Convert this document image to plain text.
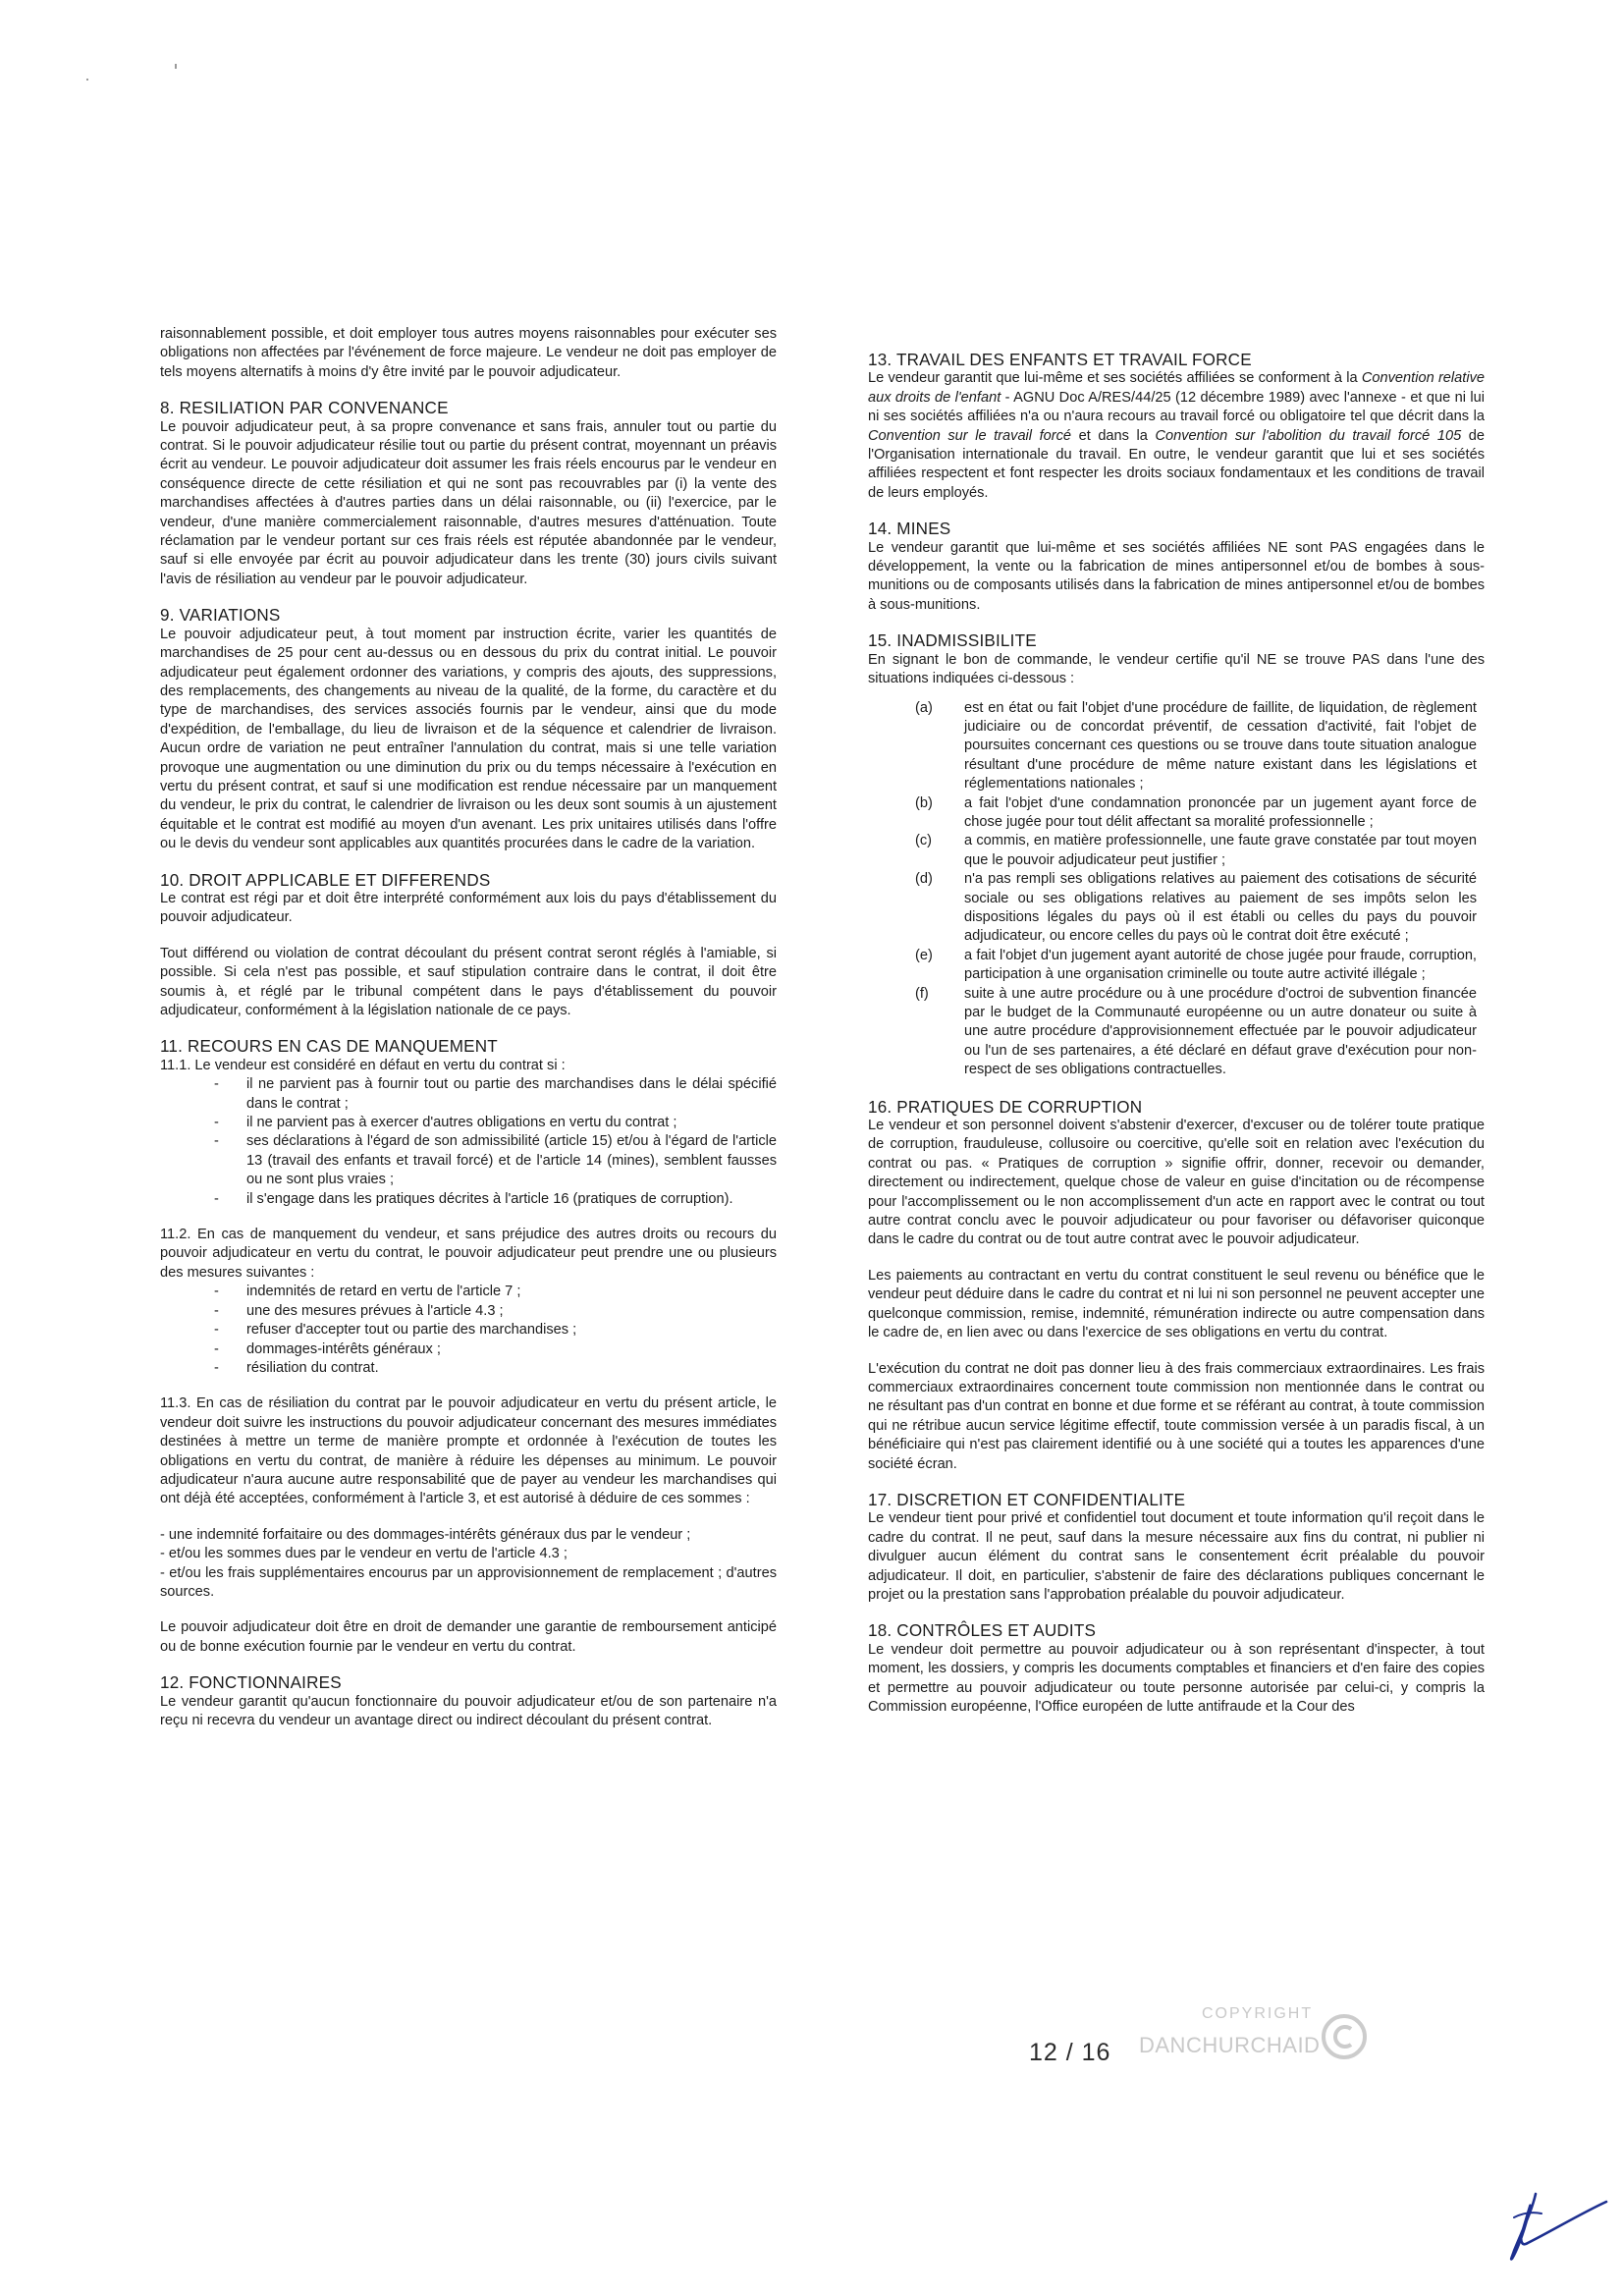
raisonnablement possible, et doit employer tous autres moyens raisonnables pour exécuter ses obligations non affectées par l'événement de force majeure. Le vendeur ne doit pas employer de tels moyens alternatifs à moins d'y être invité par le pouvoir adjudicateur.

8. RESILIATION PAR CONVENANCE

Le pouvoir adjudicateur peut, à sa propre convenance et sans frais, annuler tout ou partie du contrat. Si le pouvoir adjudicateur résilie tout ou partie du présent contrat, moyennant un préavis écrit au vendeur. Le pouvoir adjudicateur doit assumer les frais réels encourus par le vendeur en conséquence directe de cette résiliation et qui ne sont pas recouvrables par (i) la vente des marchandises affectées à d'autres parties dans un délai raisonnable, ou (ii) l'exercice, par le vendeur, d'une manière commercialement raisonnable, d'autres mesures d'atténuation. Toute réclamation par le vendeur portant sur ces frais réels est réputée abandonnée par le vendeur, sauf si elle envoyée par écrit au pouvoir adjudicateur dans les trente (30) jours civils suivant l'avis de résiliation au vendeur par le pouvoir adjudicateur.

9. VARIATIONS

Le pouvoir adjudicateur peut, à tout moment par instruction écrite, varier les quantités de marchandises de 25 pour cent au-dessus ou en dessous du prix du contrat initial. Le pouvoir adjudicateur peut également ordonner des variations, y compris des ajouts, des suppressions, des remplacements, des changements au niveau de la qualité, de la forme, du caractère et du type de marchandises, des services associés fournis par le vendeur, ainsi que du mode d'expédition, de l'emballage, du lieu de livraison et de la séquence et calendrier de livraison. Aucun ordre de variation ne peut entraîner l'annulation du contrat, mais si une telle variation provoque une augmentation ou une diminution du prix ou du temps nécessaire à l'exécution en vertu du présent contrat, et sauf si une modification est rendue nécessaire par un manquement du vendeur, le prix du contrat, le calendrier de livraison ou les deux sont soumis à un ajustement équitable et le contrat est modifié au moyen d'un avenant. Les prix unitaires utilisés dans l'offre ou le devis du vendeur sont applicables aux quantités procurées dans le cadre de la variation.

10. DROIT APPLICABLE ET DIFFERENDS

Le contrat est régi par et doit être interprété conformément aux lois du pays d'établissement du pouvoir adjudicateur.

Tout différend ou violation de contrat découlant du présent contrat seront réglés à l'amiable, si possible. Si cela n'est pas possible, et sauf stipulation contraire dans le contrat, il doit être soumis à, et réglé par le tribunal compétent dans le pays d'établissement du pouvoir adjudicateur, conformément à la législation nationale de ce pays.

11. RECOURS EN CAS DE MANQUEMENT

11.1. Le vendeur est considéré en défaut en vertu du contrat si :

- il ne parvient pas à fournir tout ou partie des marchandises dans le délai spécifié dans le contrat ;
- il ne parvient pas à exercer d'autres obligations en vertu du contrat ;
- ses déclarations à l'égard de son admissibilité (article 15) et/ou à l'égard de l'article 13 (travail des enfants et travail forcé) et de l'article 14 (mines), semblent fausses ou ne sont plus vraies ;
- il s'engage dans les pratiques décrites à l'article 16 (pratiques de corruption).

11.2. En cas de manquement du vendeur, et sans préjudice des autres droits ou recours du pouvoir adjudicateur en vertu du contrat, le pouvoir adjudicateur peut prendre une ou plusieurs des mesures suivantes :

- indemnités de retard en vertu de l'article 7 ;
- une des mesures prévues à l'article 4.3 ;
- refuser d'accepter tout ou partie des marchandises ;
- dommages-intérêts généraux ;
- résiliation du contrat.

11.3. En cas de résiliation du contrat par le pouvoir adjudicateur en vertu du présent article, le vendeur doit suivre les instructions du pouvoir adjudicateur concernant des mesures immédiates destinées à mettre un terme de manière prompte et ordonnée à l'exécution de toutes les obligations en vertu du contrat, de manière à réduire les dépenses au minimum. Le pouvoir adjudicateur n'aura aucune autre responsabilité que de payer au vendeur les marchandises qui ont déjà été acceptées, conformément à l'article 3, et est autorisé à déduire de ces sommes :

- une indemnité forfaitaire ou des dommages-intérêts généraux dus par le vendeur ;
- et/ou les sommes dues par le vendeur en vertu de l'article 4.3 ;
- et/ou les frais supplémentaires encourus par un approvisionnement de remplacement ; d'autres sources.

Le pouvoir adjudicateur doit être en droit de demander une garantie de remboursement anticipé ou de bonne exécution fournie par le vendeur en vertu du contrat.

12. FONCTIONNAIRES

Le vendeur garantit qu'aucun fonctionnaire du pouvoir adjudicateur et/ou de son partenaire n'a reçu ni recevra du vendeur un avantage direct ou indirect découlant du présent contrat.

13. TRAVAIL DES ENFANTS ET TRAVAIL FORCE

Le vendeur garantit que lui-même et ses sociétés affiliées se conforment à la Convention relative aux droits de l'enfant - AGNU Doc A/RES/44/25 (12 décembre 1989) avec l'annexe - et que ni lui ni ses sociétés affiliées n'a ou n'aura recours au travail forcé ou obligatoire tel que décrit dans la Convention sur le travail forcé et dans la Convention sur l'abolition du travail forcé 105 de l'Organisation internationale du travail. En outre, le vendeur garantit que lui et ses sociétés affiliées respectent et font respecter les droits sociaux fondamentaux et les conditions de travail de leurs employés.

14. MINES

Le vendeur garantit que lui-même et ses sociétés affiliées NE sont PAS engagées dans le développement, la vente ou la fabrication de mines antipersonnel et/ou de bombes à sous-munitions ou de composants utilisés dans la fabrication de mines antipersonnel et/ou de bombes à sous-munitions.

15. INADMISSIBILITE

En signant le bon de commande, le vendeur certifie qu'il NE se trouve PAS dans l'une des situations indiquées ci-dessous :

(a)	est en état ou fait l'objet d'une procédure de faillite, de liquidation, de règlement judiciaire ou de concordat préventif, de cessation d'activité, fait l'objet de poursuites concernant ces questions ou se trouve dans toute situation analogue résultant d'une procédure de même nature existant dans les législations et réglementations nationales ;
(b)	a fait l'objet d'une condamnation prononcée par un jugement ayant force de chose jugée pour tout délit affectant sa moralité professionnelle ;
(c)	a commis, en matière professionnelle, une faute grave constatée par tout moyen que le pouvoir adjudicateur peut justifier ;
(d)	n'a pas rempli ses obligations relatives au paiement des cotisations de sécurité sociale ou ses obligations relatives au paiement de ses impôts selon les dispositions légales du pays où il est établi ou celles du pays du pouvoir adjudicateur, ou encore celles du pays où le contrat doit être exécuté ;
(e)	a fait l'objet d'un jugement ayant autorité de chose jugée pour fraude, corruption, participation à une organisation criminelle ou toute autre activité illégale ;
(f)	suite à une autre procédure ou à une procédure d'octroi de subvention financée par le budget de la Communauté européenne ou un autre donateur ou suite à une autre procédure d'approvisionnement effectuée par le pouvoir adjudicateur ou l'un de ses partenaires, a été déclaré en défaut grave d'exécution pour non-respect de ses obligations contractuelles.
16. PRATIQUES DE CORRUPTION

Le vendeur et son personnel doivent s'abstenir d'exercer, d'excuser ou de tolérer toute pratique de corruption, frauduleuse, collusoire ou coercitive, qu'elle soit en relation avec l'exécution du contrat ou pas. « Pratiques de corruption » signifie offrir, donner, recevoir ou demander, directement ou indirectement, quelque chose de valeur en guise d'incitation ou de récompense pour l'accomplissement ou le non accomplissement d'un acte en rapport avec le contrat ou tout autre contrat conclu avec le pouvoir adjudicateur ou pour favoriser ou défavoriser quiconque dans le cadre du contrat ou de tout autre contrat avec le pouvoir adjudicateur.

Les paiements au contractant en vertu du contrat constituent le seul revenu ou bénéfice que le vendeur peut déduire dans le cadre du contrat et ni lui ni son personnel ne peuvent accepter une quelconque commission, remise, indemnité, rémunération indirecte ou autre compensation dans le cadre de, en lien avec ou dans l'exercice de ses obligations en vertu du contrat.

L'exécution du contrat ne doit pas donner lieu à des frais commerciaux extraordinaires. Les frais commerciaux extraordinaires concernent toute commission non mentionnée dans le contrat ou ne résultant pas d'un contrat en bonne et due forme et se référant au contrat, à toute commission qui ne rétribue aucun service légitime effectif, toute commission versée à un paradis fiscal, à un bénéficiaire qui n'est pas clairement identifié ou à une société qui a toutes les apparences d'une société écran.

17. DISCRETION ET CONFIDENTIALITE

Le vendeur tient pour privé et confidentiel tout document et toute information qu'il reçoit dans le cadre du contrat. Il ne peut, sauf dans la mesure nécessaire aux fins du contrat, ni publier ni divulguer aucun élément du contrat sans le consentement écrit préalable du pouvoir adjudicateur. Il doit, en particulier, s'abstenir de faire des déclarations publiques concernant le projet ou la prestation sans l'approbation préalable du pouvoir adjudicateur.

18. CONTRÔLES ET AUDITS

Le vendeur doit permettre au pouvoir adjudicateur ou à son représentant d'inspecter, à tout moment, les dossiers, y compris les documents comptables et financiers et d'en faire des copies et permettre au pouvoir adjudicateur ou toute personne autorisée par celui-ci, y compris la Commission européenne, l'Office européen de lutte antifraude et la Cour des

12 / 16
COPYRIGHT
DANCHURCHAID
